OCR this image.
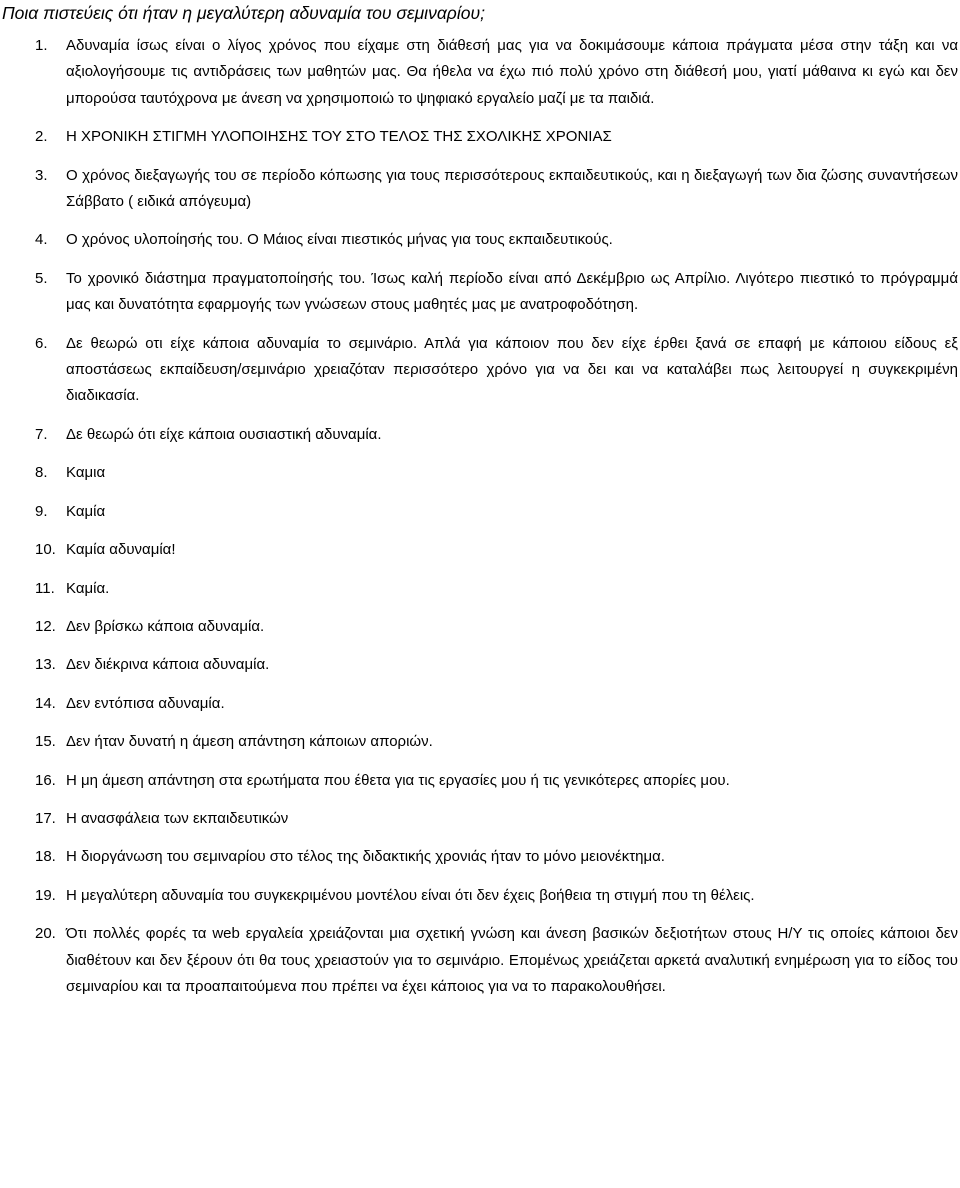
Ποια πιστεύεις ότι ήταν η μεγαλύτερη αδυναμία του σεμιναρίου;
1. Αδυναμία ίσως είναι ο λίγος χρόνος που είχαμε στη διάθεσή μας για να δοκιμάσουμε κάποια πράγματα μέσα στην τάξη και να αξιολογήσουμε τις αντιδράσεις των μαθητών μας. Θα ήθελα να έχω πιό πολύ χρόνο στη διάθεσή μου, γιατί μάθαινα κι εγώ και δεν μπορούσα ταυτόχρονα με άνεση να χρησιμοποιώ το ψηφιακό εργαλείο μαζί με τα παιδιά.
2. Η ΧΡΟΝΙΚΗ ΣΤΙΓΜΗ ΥΛΟΠΟΙΗΣΗΣ ΤΟΥ ΣΤΟ ΤΕΛΟΣ ΤΗΣ ΣΧΟΛΙΚΗΣ ΧΡΟΝΙΑΣ
3. Ο χρόνος διεξαγωγής του σε περίοδο κόπωσης για τους περισσότερους εκπαιδευτικούς, και η διεξαγωγή των δια ζώσης συναντήσεων Σάββατο ( ειδικά απόγευμα)
4. Ο χρόνος υλοποίησής του. Ο Μάιος είναι πιεστικός μήνας για τους εκπαιδευτικούς.
5. Το χρονικό διάστημα πραγματοποίησής του. Ίσως καλή περίοδο είναι από Δεκέμβριο ως Απρίλιο. Λιγότερο πιεστικό το πρόγραμμά μας και δυνατότητα εφαρμογής των γνώσεων στους μαθητές μας με ανατροφοδότηση.
6. Δε θεωρώ οτι είχε κάποια αδυναμία το σεμινάριο. Απλά για κάποιον που δεν είχε έρθει ξανά σε επαφή με κάποιου είδους εξ αποστάσεως εκπαίδευση/σεμινάριο χρειαζόταν περισσότερο χρόνο για να δει και να καταλάβει πως λειτουργεί η συγκεκριμένη διαδικασία.
7. Δε θεωρώ ότι είχε κάποια ουσιαστική αδυναμία.
8. Καμια
9. Καμία
10. Καμία αδυναμία!
11. Καμία.
12. Δεν βρίσκω κάποια αδυναμία.
13. Δεν διέκρινα κάποια αδυναμία.
14. Δεν εντόπισα αδυναμία.
15. Δεν ήταν δυνατή η άμεση απάντηση κάποιων αποριών.
16. Η μη άμεση απάντηση στα ερωτήματα που έθετα για τις εργασίες μου ή τις γενικότερες απορίες μου.
17. Η ανασφάλεια των εκπαιδευτικών
18. Η διοργάνωση του σεμιναρίου στο τέλος της διδακτικής χρονιάς ήταν το μόνο μειονέκτημα.
19. Η μεγαλύτερη αδυναμία του συγκεκριμένου μοντέλου είναι ότι δεν έχεις βοήθεια τη στιγμή που τη θέλεις.
20. Ότι πολλές φορές τα web εργαλεία χρειάζονται μια σχετική γνώση και άνεση βασικών δεξιοτήτων στους Η/Υ τις οποίες κάποιοι δεν διαθέτουν και δεν ξέρουν ότι θα τους χρειαστούν για το σεμινάριο. Επομένως χρειάζεται αρκετά αναλυτική ενημέρωση για το είδος του σεμιναρίου και τα προαπαιτούμενα που πρέπει να έχει κάποιος για να το παρακολουθήσει.
